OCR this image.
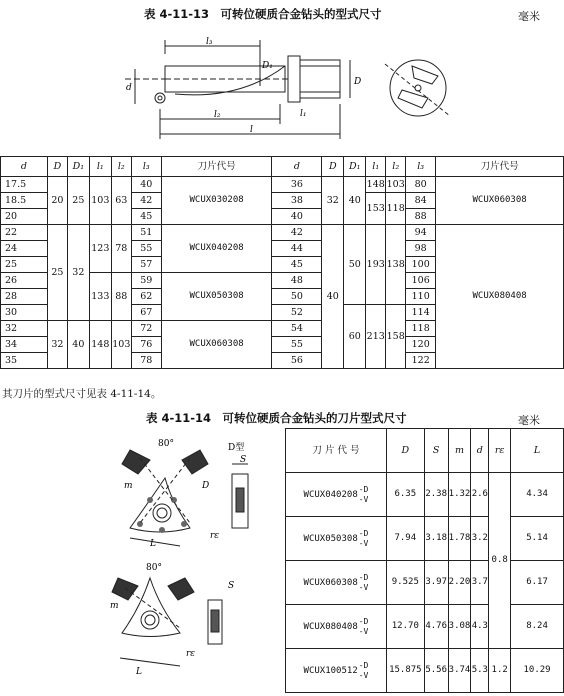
表 4-11-13　可转位硬质合金钻头的型式尺寸	毫米
l₃
D₁
d
D
l₁
l₂
l
d	D	D₁	l₁	l₂	l₃	刀片代号	d	D	D₁	l₁	l₂	l₃	刀片代号
17.5	20	25	103	63	40	WCUX030208	36	32	40	148	103	80	WCUX060308
18.5					42		38			153	118	84	
20					45		40					88	
22	25	32	123	78	51	WCUX040208	42	40	50	193	138	94	WCUX080408
24					55		44					98	
25					57		45					100	
26			133	88	59	WCUX050308	48					106	
28					62		50					110	
30					67		52		60	213	158	114	
32	32	40	148	103	72	WCUX060308	54					118	
34					76		55					120	
35					78		56					122	
其刀片的型式尺寸见表 4-11-14。
表 4-11-14　可转位硬质合金钻头的刀片型式尺寸	毫米
80°	D型
S
D
m
L
rε
80°
S
m
L
rε
刀 片 代 号	D	S	m	d	rε	L
WCUX040208
-D
-V	6.35	2.38	1.32	2.6	0.8	4.34
WCUX050308
-D
-V	7.94	3.18	1.78	3.2		5.14
WCUX060308
-D
-V	9.525	3.97	2.20	3.7		6.17
WCUX080408
-D
-V	12.70	4.76	3.08	4.3		8.24
WCUX100512
-D
-V	15.875	5.56	3.74	5.3	1.2	10.29
